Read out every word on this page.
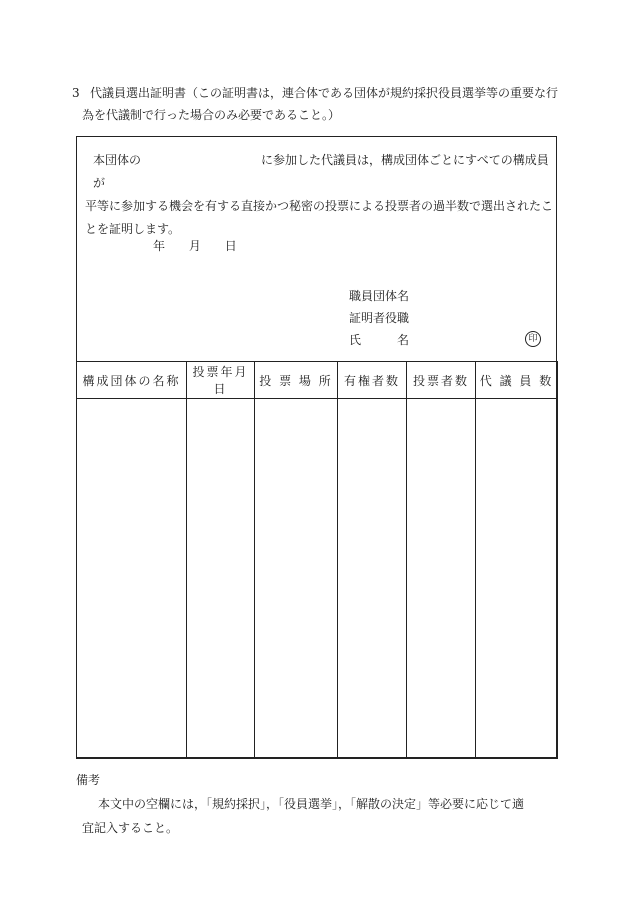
3 代議員選出証明書（この証明書は，連合体である団体が規約採択役員選挙等の重要な行
為を代議制で行った場合のみ必要であること。）
本団体の	に参加した代議員は，構成団体ごとにすべての構成員が
平等に参加する機会を有する直接かつ秘密の投票による投票者の過半数で選出されたこ
とを証明します。
年 月 日
職員団体名
証明者役職
氏　　　名	印
構成団体の名称	投票年月日	投 票 場 所	有権者数	投票者数	代 議 員 数

備考
本文中の空欄には，「規約採択」，「役員選挙」，「解散の決定」等必要に応じて適
宜記入すること。
